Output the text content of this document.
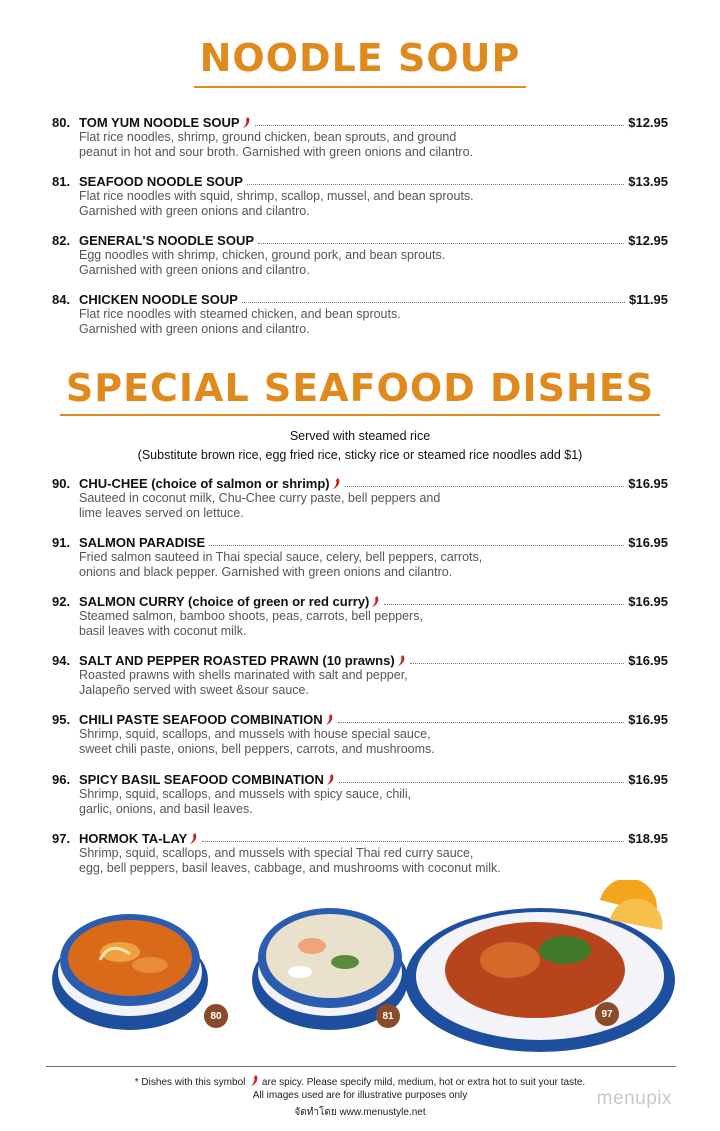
NOODLE SOUP
80. TOM YUM NOODLE SOUP	$12.95
Flat rice noodles, shrimp, ground chicken, bean sprouts, and ground
peanut in hot and sour broth. Garnished with green onions and cilantro.
81. SEAFOOD NOODLE SOUP	$13.95
Flat rice noodles with squid, shrimp, scallop, mussel, and bean sprouts.
Garnished with green onions and cilantro.
82. GENERAL'S NOODLE SOUP	$12.95
Egg noodles with shrimp, chicken, ground pork, and bean sprouts.
Garnished with green onions and cilantro.
84. CHICKEN NOODLE SOUP	$11.95
Flat rice noodles with steamed chicken, and bean sprouts.
Garnished with green onions and cilantro.
SPECIAL SEAFOOD DISHES
Served with steamed rice
(Substitute brown rice, egg fried rice, sticky rice or steamed rice noodles add $1)
90. CHU-CHEE (choice of salmon or shrimp)	$16.95
Sauteed in coconut milk, Chu-Chee curry paste, bell peppers and
lime leaves served on lettuce.
91. SALMON PARADISE	$16.95
Fried salmon sauteed in Thai special sauce, celery, bell peppers, carrots,
onions and black pepper. Garnished with green onions and cilantro.
92. SALMON CURRY (choice of green or red curry)	$16.95
Steamed salmon, bamboo shoots, peas, carrots, bell peppers,
basil leaves with coconut milk.
94. SALT AND PEPPER ROASTED PRAWN (10 prawns)	$16.95
Roasted prawns with shells marinated with salt and pepper,
Jalapeño served with sweet &sour sauce.
95. CHILI PASTE SEAFOOD COMBINATION	$16.95
Shrimp, squid, scallops, and mussels with house special sauce,
sweet chili paste, onions, bell peppers, carrots, and mushrooms.
96. SPICY BASIL SEAFOOD COMBINATION	$16.95
Shrimp, squid, scallops, and mussels with spicy sauce, chili,
garlic, onions, and basil leaves.
97. HORMOK TA-LAY	$18.95
Shrimp, squid, scallops, and mussels with special Thai red curry sauce,
egg, bell peppers, basil leaves, cabbage, and mushrooms with coconut milk.
80	81	97
* Dishes with this symbol are spicy. Please specify mild, medium, hot or extra hot to suit your taste.
All images used are for illustrative purposes only
จัดทำโดย www.menustyle.net
menupix
